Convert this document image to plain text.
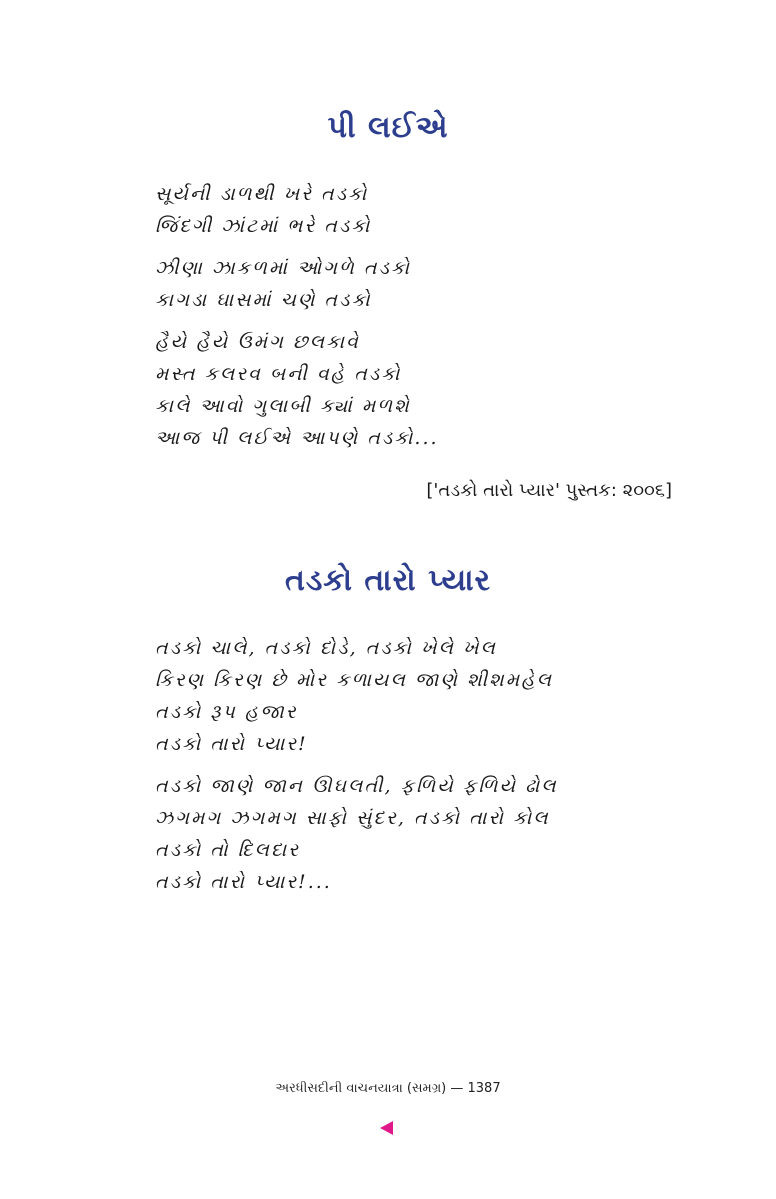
પી લઈએ
સૂર્યની ડાળથી ખરે તડકો
જિંદગી ઝાંટમાં ભરે તડકો
ઝીણા ઝાકળમાં ઓગળે તડકો
કાગડા ઘાસમાં ચણે તડકો
હૈયે હૈયે ઉમંગ છલકાવે
મસ્ત કલરવ બની વહે તડકો
કાલે આવો ગુલાબી ક્યાં મળશે
આજ પી લઈએ આપણે તડકો...
['તડકો તારો પ્યાર' પુસ્તક: ૨૦૦૬]
તડકો તારો પ્યાર
તડકો ચાલે, તડકો દોડે, તડકો ખેલે ખેલ
કિરણ કિરણ છે મોર કળાયલ જાણે શીશમહેલ
તડકો રૂપ હજાર
તડકો તારો પ્યાર!
તડકો જાણે જાન ઊઘલતી, ફળિયે ફળિયે ઢોલ
ઝગમગ ઝગમગ સાફો સુંદર, તડકો તારો કોલ
તડકો તો દિલદાર
તડકો તારો પ્યાર!...
અરધીસદીની વાચનયાત્રા (સમગ્ર) — 1387
